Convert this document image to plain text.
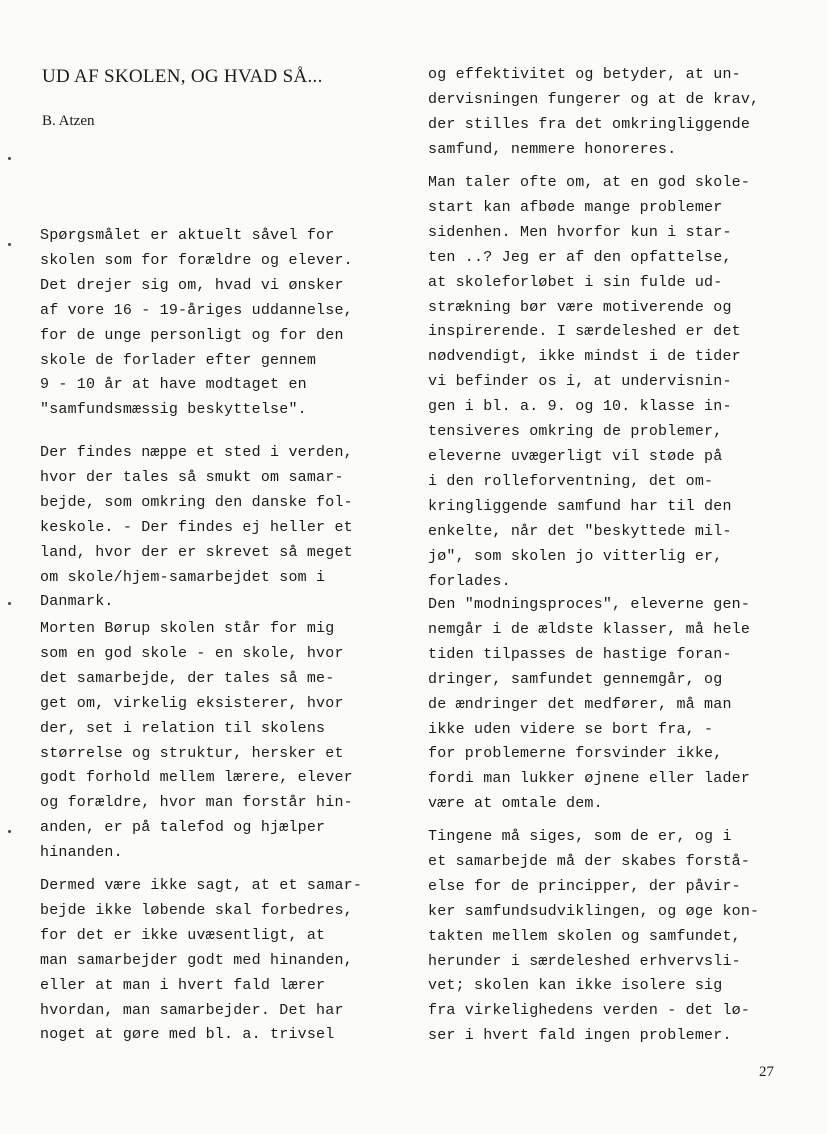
UD AF SKOLEN, OG HVAD SÅ...
B. Atzen

Spørgsmålet er aktuelt såvel for
skolen som for forældre og elever.
Det drejer sig om, hvad vi ønsker
af vore 16 - 19-åriges uddannelse,
for de unge personligt og for den
skole de forlader efter gennem
9 - 10 år at have modtaget en
"samfundsmæssig beskyttelse".

Der findes næppe et sted i verden,
hvor der tales så smukt om samar-
bejde, som omkring den danske fol-
keskole. - Der findes ej heller et
land, hvor der er skrevet så meget
om skole/hjem-samarbejdet som i
Danmark.

Morten Børup skolen står for mig
som en god skole - en skole, hvor
det samarbejde, der tales så me-
get om, virkelig eksisterer, hvor
der, set i relation til skolens
størrelse og struktur, hersker et
godt forhold mellem lærere, elever
og forældre, hvor man forstår hin-
anden, er på talefod og hjælper
hinanden.

Dermed være ikke sagt, at et samar-
bejde ikke løbende skal forbedres,
for det er ikke uvæsentligt, at
man samarbejder godt med hinanden,
eller at man i hvert fald lærer
hvordan, man samarbejder. Det har
noget at gøre med bl. a. trivsel

og effektivitet og betyder, at un-
dervisningen fungerer og at de krav,
der stilles fra det omkringliggende
samfund, nemmere honoreres.

Man taler ofte om, at en god skole-
start kan afbøde mange problemer
sidenhen. Men hvorfor kun i star-
ten ..? Jeg er af den opfattelse,
at skoleforløbet i sin fulde ud-
strækning bør være motiverende og
inspirerende. I særdeleshed er det
nødvendigt, ikke mindst i de tider
vi befinder os i, at undervisnin-
gen i bl. a. 9. og 10. klasse in-
tensiveres omkring de problemer,
eleverne uvægerligt vil støde på
i den rolleforventning, det om-
kringliggende samfund har til den
enkelte, når det "beskyttede mil-
jø", som skolen jo vitterlig er,
forlades.

Den "modningsproces", eleverne gen-
nemgår i de ældste klasser, må hele
tiden tilpasses de hastige foran-
dringer, samfundet gennemgår, og
de ændringer det medfører, må man
ikke uden videre se bort fra, -
for problemerne forsvinder ikke,
fordi man lukker øjnene eller lader
være at omtale dem.

Tingene må siges, som de er, og i
et samarbejde må der skabes forstå-
else for de principper, der påvir-
ker samfundsudviklingen, og øge kon-
takten mellem skolen og samfundet,
herunder i særdeleshed erhvervsli-
vet; skolen kan ikke isolere sig
fra virkelighedens verden - det lø-
ser i hvert fald ingen problemer.

27
